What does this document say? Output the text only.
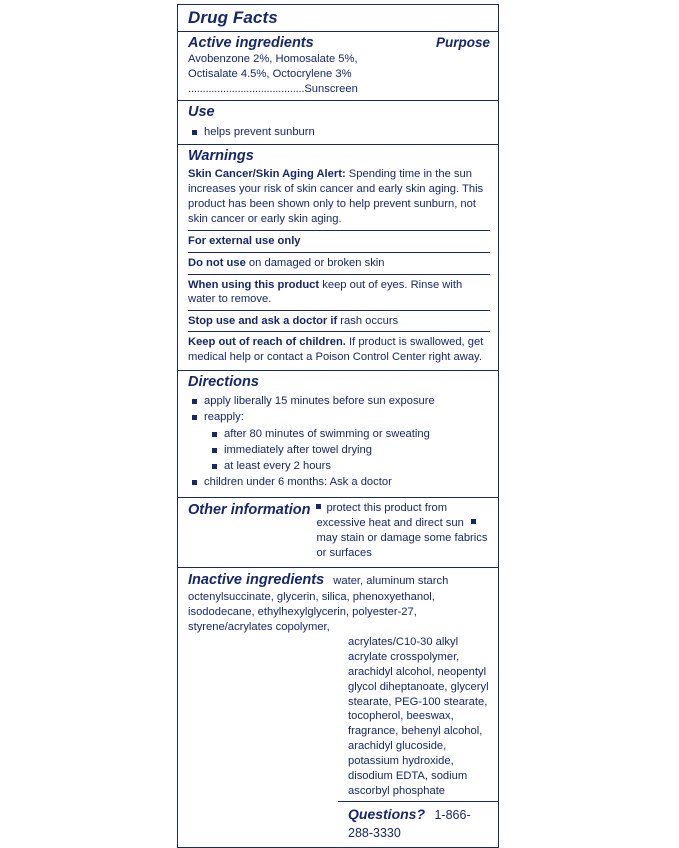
Drug Facts
Active ingredients	Purpose
Avobenzone 2%, Homosalate 5%,
Octisalate 4.5%, Octocrylene 3% ........................................Sunscreen
Use
helps prevent sunburn
Warnings
Skin Cancer/Skin Aging Alert: Spending time in the sun increases your risk of skin cancer and early skin aging. This product has been shown only to help prevent sunburn, not skin cancer or early skin aging.
For external use only
Do not use on damaged or broken skin
When using this product keep out of eyes. Rinse with water to remove.
Stop use and ask a doctor if rash occurs
Keep out of reach of children. If product is swallowed, get medical help or contact a Poison Control Center right away.
Directions
apply liberally 15 minutes before sun exposure
reapply:
after 80 minutes of swimming or sweating
immediately after towel drying
at least every 2 hours
children under 6 months: Ask a doctor
Other information	protect this product from excessive heat and direct sun may stain or damage some fabrics or surfaces
Inactive ingredients water, aluminum starch octenylsuccinate, glycerin, silica, phenoxyethanol, isododecane, ethylhexylglycerin, polyester-27, styrene/acrylates copolymer,
acrylates/C10-30 alkyl acrylate crosspolymer, arachidyl alcohol, neopentyl glycol diheptanoate, glyceryl stearate, PEG-100 stearate, tocopherol, beeswax, fragrance, behenyl alcohol, arachidyl glucoside, potassium hydroxide, disodium EDTA, sodium ascorbyl phosphate
Questions? 1-866-288-3330
